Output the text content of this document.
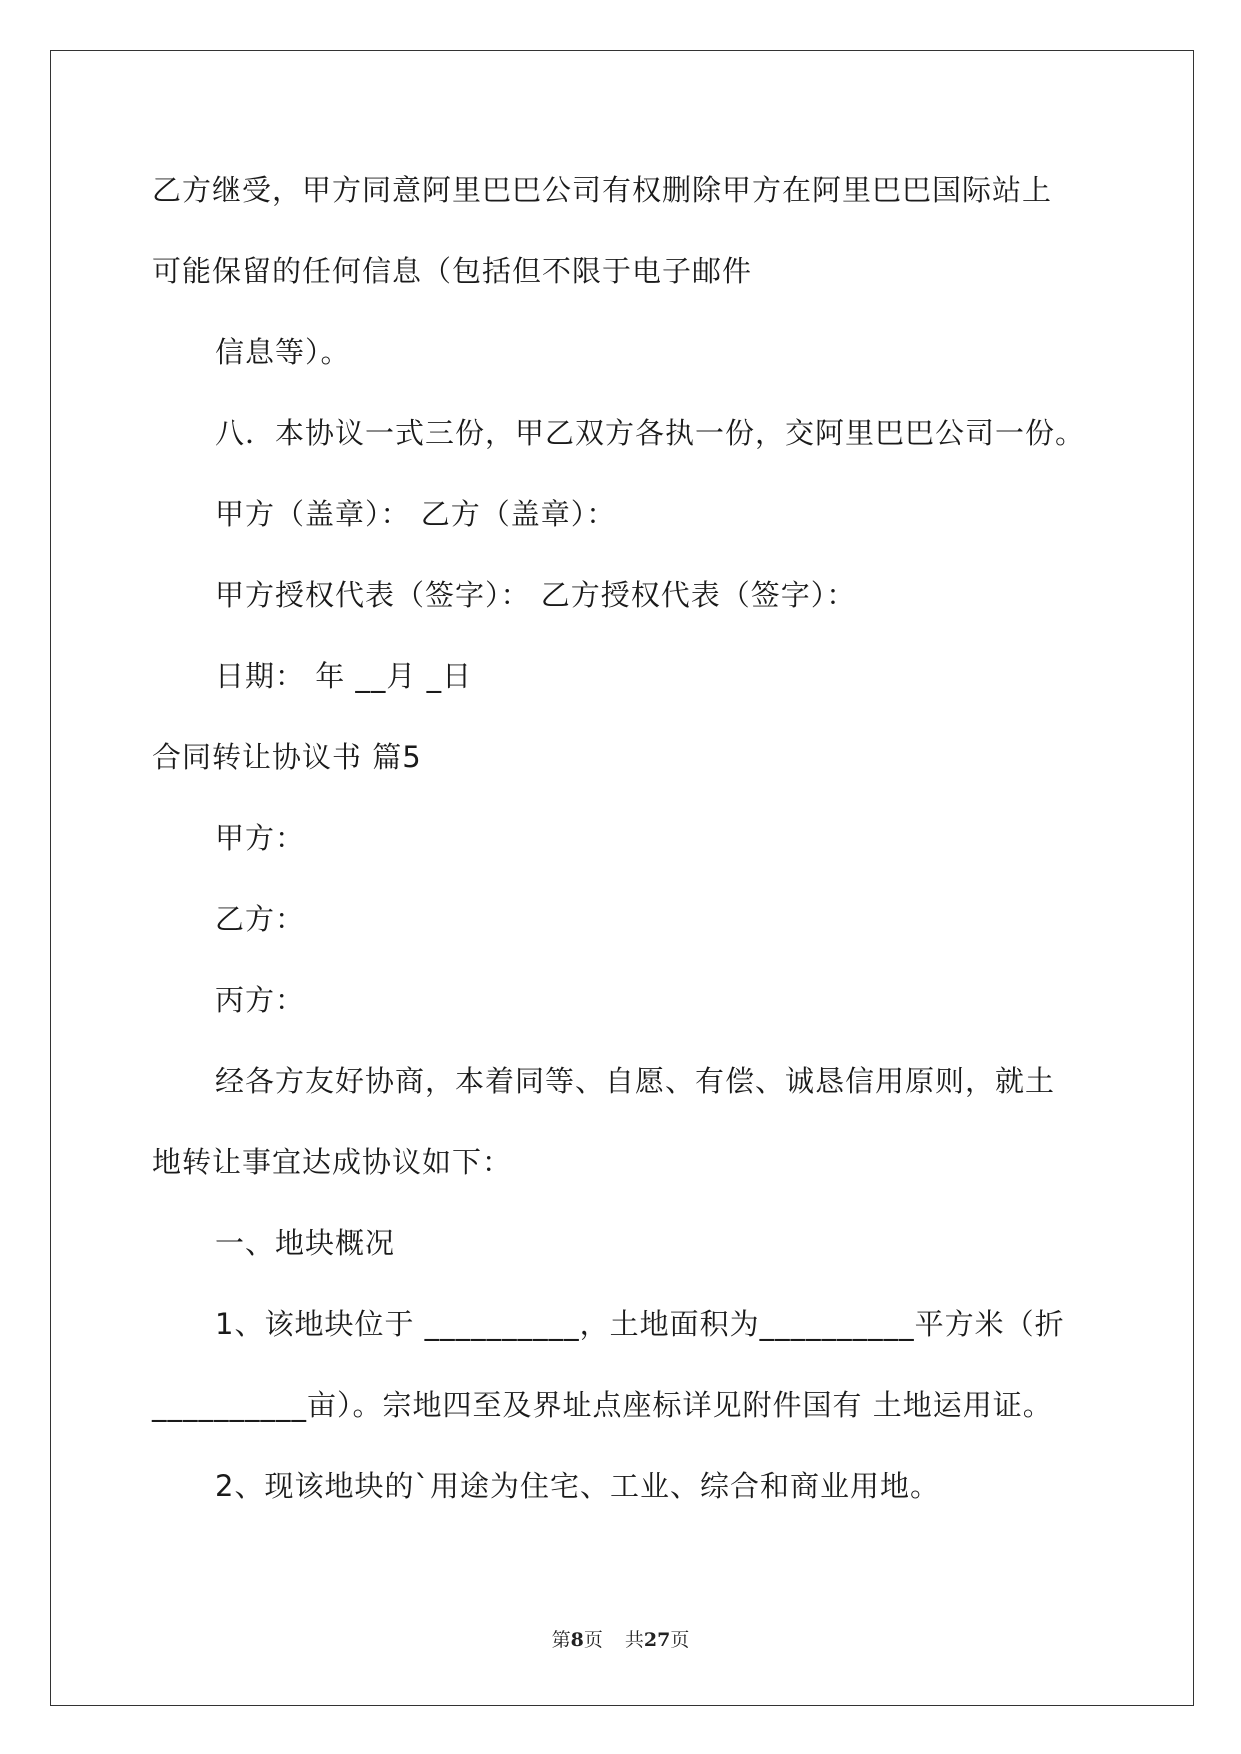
乙方继受，甲方同意阿里巴巴公司有权删除甲方在阿里巴巴国际站上
可能保留的任何信息（包括但不限于电子邮件
信息等）。
八．本协议一式三份，甲乙双方各执一份，交阿里巴巴公司一份。
甲方（盖章）： 乙方（盖章）：
甲方授权代表（签字）： 乙方授权代表（签字）：
日期： 年 __月 _日
合同转让协议书 篇5
甲方：
乙方：
丙方：
经各方友好协商，本着同等、自愿、有偿、诚恳信用原则，就土
地转让事宜达成协议如下：
一、地块概况
1、该地块位于 __________，土地面积为__________平方米（折
__________亩）。宗地四至及界址点座标详见附件国有 土地运用证。
2、现该地块的`用途为住宅、工业、综合和商业用地。
第8页 共27页
